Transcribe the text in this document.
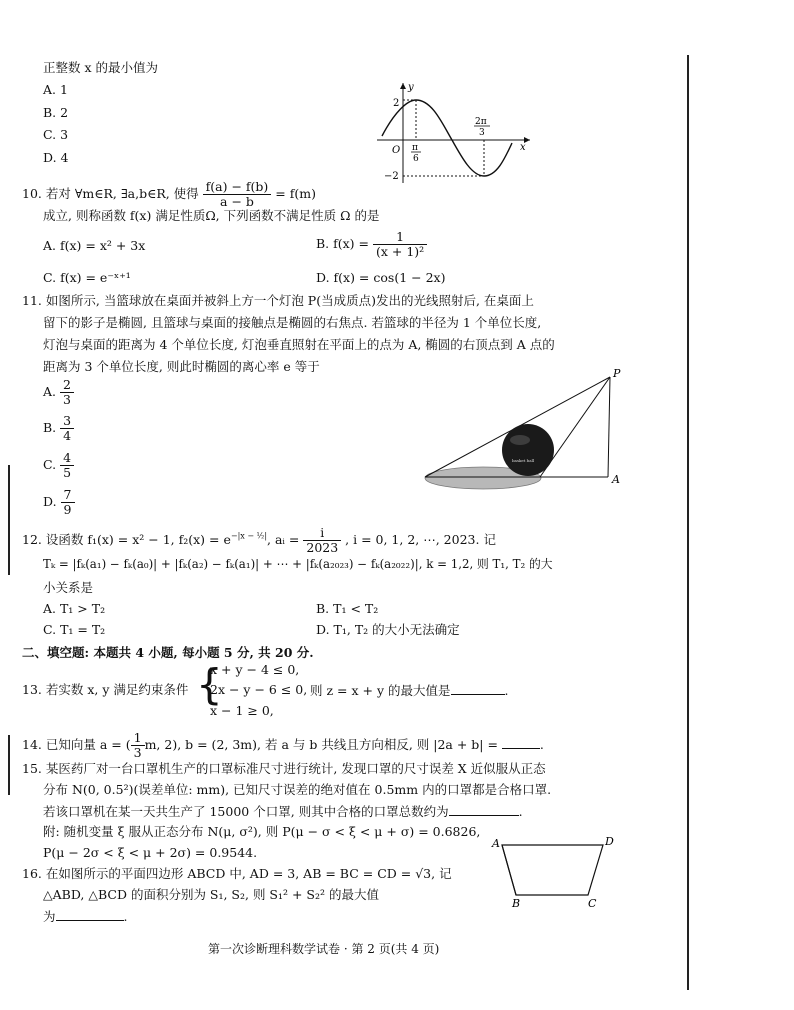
正整数 x 的最小值为
A. 1
B. 2
C. 3
D. 4
y
x
O
2
−2
π
6
2π
3
10. 若对 ∀m∈R, ∃a,b∈R, 使得 $\frac{f(a) - f(b)}{a - b} = f(m)$
成立, 则称函数 f(x) 满足性质Ω, 下列函数不满足性质 Ω 的是
A. f(x) = x² + 3x	B. $f(x) = \frac{1}{\text{(x + 1)²}}$
C. f(x) = e⁻ˣ⁺¹	D. f(x) = cos(1 − 2x)
11. 如图所示, 当篮球放在桌面并被斜上方一个灯泡 P(当成质点)发出的光线照射后, 在桌面上
留下的影子是椭圆, 且篮球与桌面的接触点是椭圆的右焦点. 若篮球的半径为 1 个单位长度,
灯泡与桌面的距离为 4 个单位长度, 灯泡垂直照射在平面上的点为 A, 椭圆的右顶点到 A 点的
距离为 3 个单位长度, 则此时椭圆的离心率 e 等于
A. $\frac{2}{3}$
B. $\frac{3}{4}$
C. $\frac{4}{5}$
D. $\frac{7}{9}$
basket ball
P
A
12. 设函数 f₁(x) = x² − 1, $f_2(x) = e^{-|x - \frac{1}{2}|}$, aᵢ = $\frac{i}{2023}$ , i = 0, 1, 2, ⋯, 2023. 记
Tₖ = |fₖ(a₁) − fₖ(a₀)| + |fₖ(a₂) − fₖ(a₁)| + ⋯ + |fₖ(a₂₀₂₃) − fₖ(a₂₀₂₂)|, k = 1,2, 则 T₁, T₂ 的大
小关系是
A. T₁ > T₂	B. T₁ < T₂
C. T₁ = T₂	D. T₁, T₂ 的大小无法确定
二、填空题: 本题共 4 小题, 每小题 5 分, 共 20 分.
13. 若实数 x, y 满足约束条件 {
x + y − 4 ≤ 0,
2x − y − 6 ≤ 0,
x − 1 ≥ 0,
则 z = x + y 的最大值是	.
14. 已知向量 a = ( $\frac{1}{3} m$, 2), b = (2, 3m), 若 a 与 b 共线且方向相反, 则 |2a + b| =	.
15. 某医药厂对一台口罩机生产的口罩标准尺寸进行统计, 发现口罩的尺寸误差 X 近似服从正态
分布 N(0, 0.5²)(误差单位: mm), 已知尺寸误差的绝对值在 0.5mm 内的口罩都是合格口罩.
若该口罩机在某一天共生产了 15000 个口罩, 则其中合格的口罩总数约为	.
附: 随机变量 ξ 服从正态分布 N(μ, σ²), 则 P(μ − σ < ξ < μ + σ) = 0.6826,
P(μ − 2σ < ξ < μ + 2σ) = 0.9544.
16. 在如图所示的平面四边形 ABCD 中, AD = 3, AB = BC = CD = √3, 记
△ABD, △BCD 的面积分别为 S₁, S₂, 则 S₁² + S₂² 的最大值
为	.
A	D
B	C
第一次诊断理科数学试卷 · 第 2 页(共 4 页)
